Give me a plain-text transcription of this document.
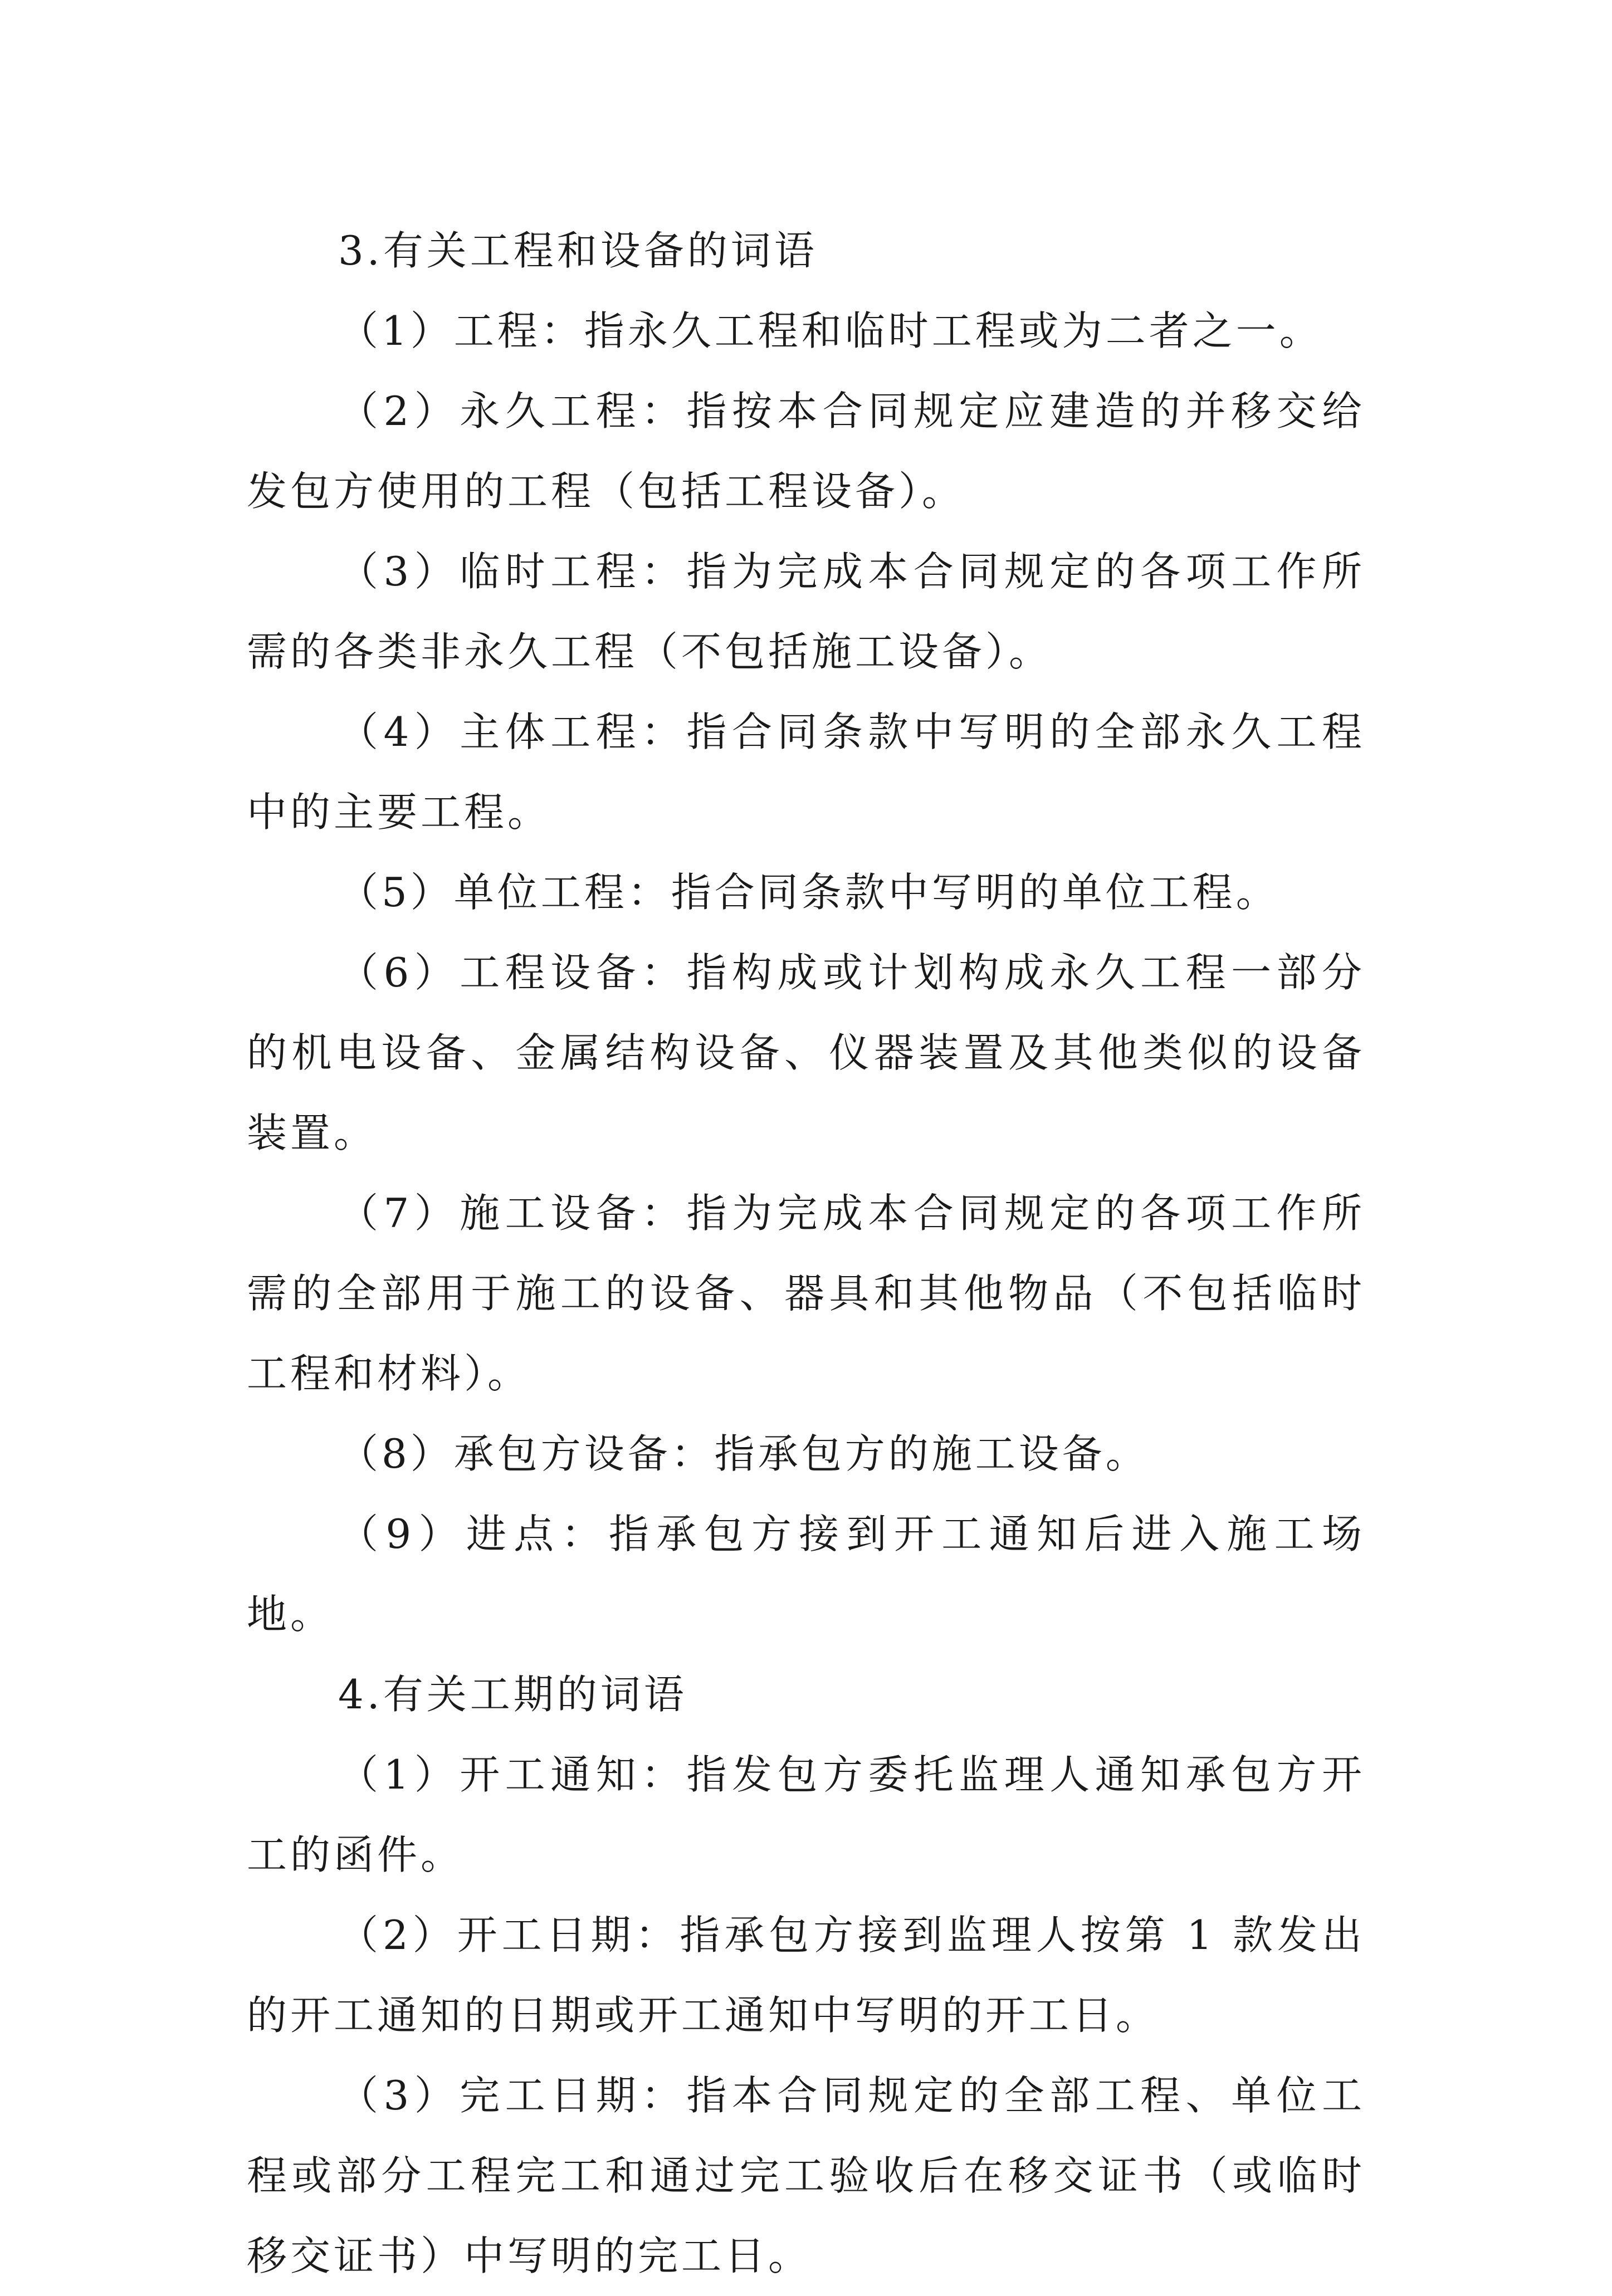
3.有关工程和设备的词语

（1）工程：指永久工程和临时工程或为二者之一。

（2）永久工程：指按本合同规定应建造的并移交给发包方使用的工程（包括工程设备）。

（3）临时工程：指为完成本合同规定的各项工作所需的各类非永久工程（不包括施工设备）。

（4）主体工程：指合同条款中写明的全部永久工程中的主要工程。

（5）单位工程：指合同条款中写明的单位工程。

（6）工程设备：指构成或计划构成永久工程一部分的机电设备、金属结构设备、仪器装置及其他类似的设备装置。

（7）施工设备：指为完成本合同规定的各项工作所需的全部用于施工的设备、器具和其他物品（不包括临时工程和材料）。

（8）承包方设备：指承包方的施工设备。

（9）进点：指承包方接到开工通知后进入施工场地。

4.有关工期的词语

（1）开工通知：指发包方委托监理人通知承包方开工的函件。

（2）开工日期：指承包方接到监理人按第 1 款发出的开工通知的日期或开工通知中写明的开工日。

（3）完工日期：指本合同规定的全部工程、单位工程或部分工程完工和通过完工验收后在移交证书（或临时移交证书）中写明的完工日。
